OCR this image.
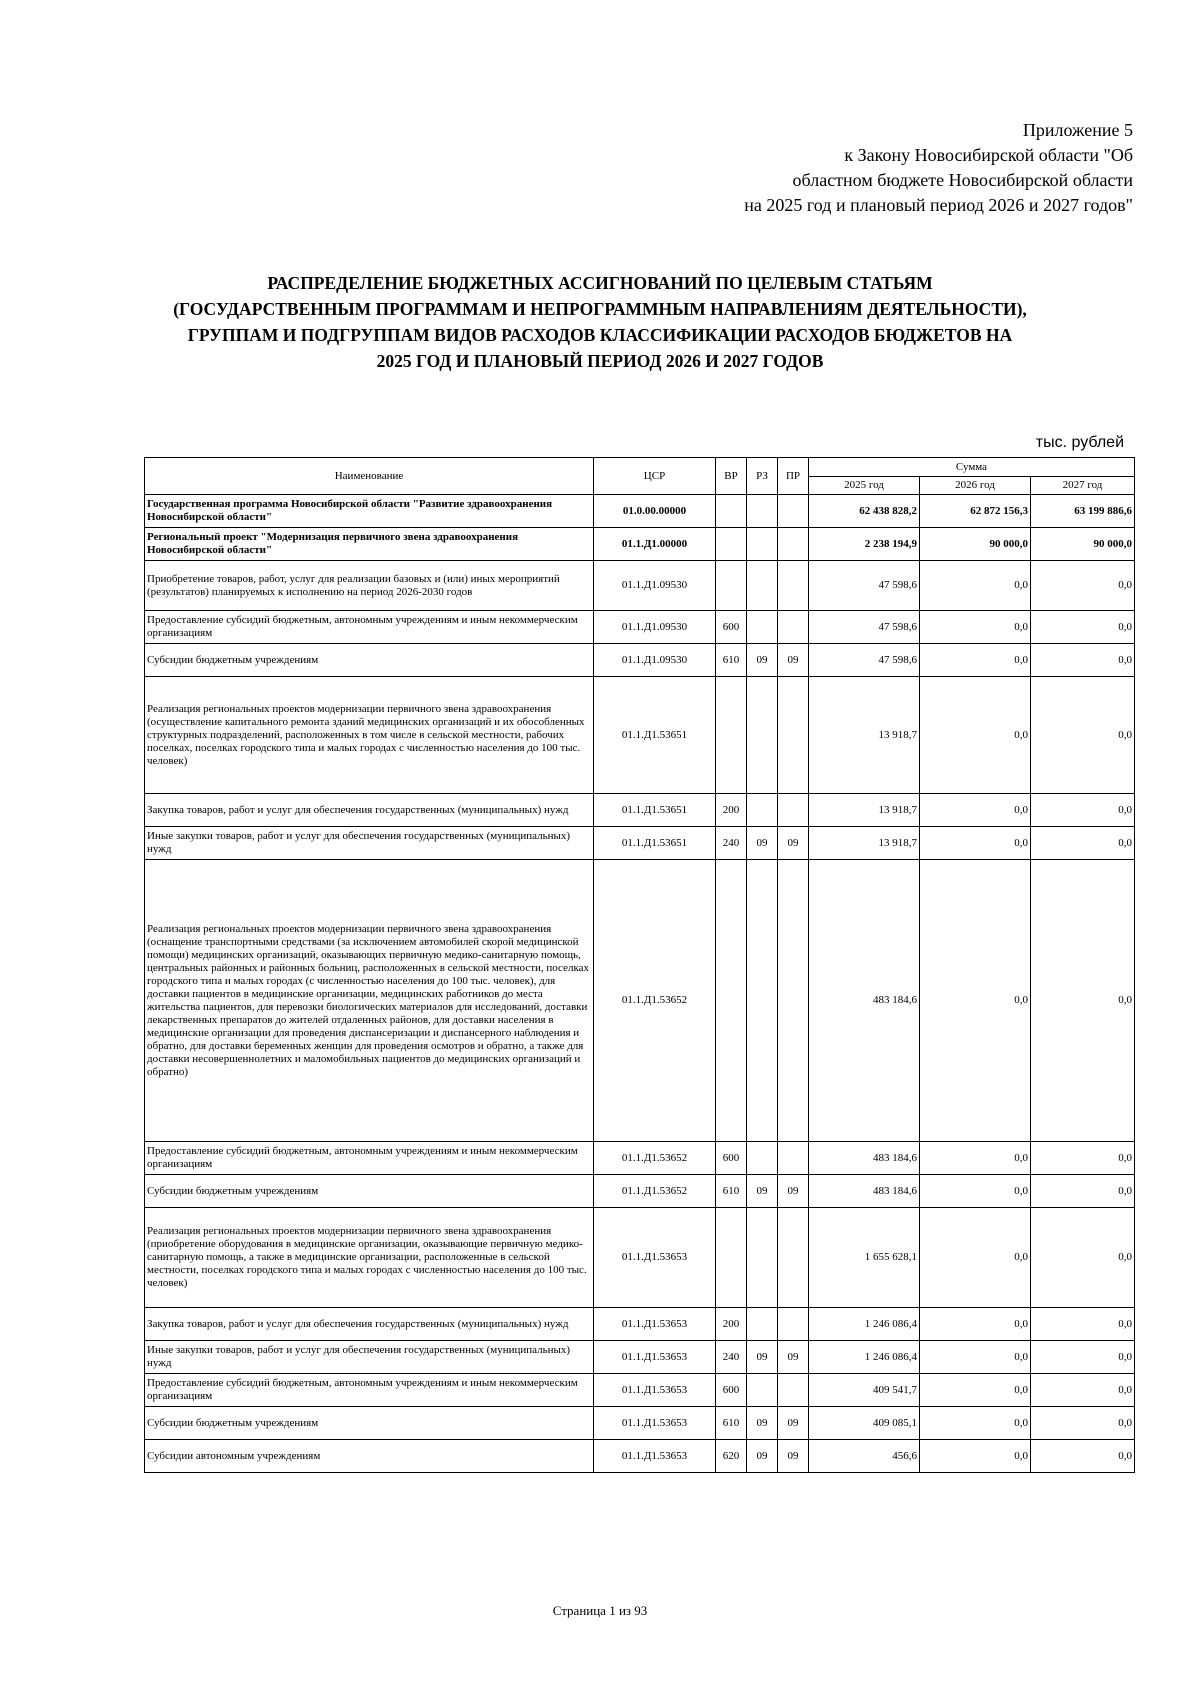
Приложение 5
к Закону Новосибирской области "Об
областном бюджете Новосибирской области
на 2025 год и плановый период 2026 и 2027 годов"
РАСПРЕДЕЛЕНИЕ БЮДЖЕТНЫХ АССИГНОВАНИЙ ПО ЦЕЛЕВЫМ СТАТЬЯМ
(ГОСУДАРСТВЕННЫМ ПРОГРАММАМ И НЕПРОГРАММНЫМ НАПРАВЛЕНИЯМ ДЕЯТЕЛЬНОСТИ),
ГРУППАМ И ПОДГРУППАМ ВИДОВ РАСХОДОВ КЛАССИФИКАЦИИ РАСХОДОВ БЮДЖЕТОВ НА
2025 ГОД И ПЛАНОВЫЙ ПЕРИОД 2026 И 2027 ГОДОВ
тыс. рублей
Наименование	ЦСР	ВР	РЗ	ПР	Сумма		
					2025 год	2026 год	2027 год
Государственная программа Новосибирской области "Развитие здравоохранения Новосибирской области"	01.0.00.00000				62 438 828,2	62 872 156,3	63 199 886,6
Региональный проект "Модернизация первичного звена здравоохранения Новосибирской области"	01.1.Д1.00000				2 238 194,9	90 000,0	90 000,0
Приобретение товаров, работ, услуг для реализации базовых и (или) иных мероприятий (результатов) планируемых к исполнению на период 2026-2030 годов	01.1.Д1.09530				47 598,6	0,0	0,0
Предоставление субсидий бюджетным, автономным учреждениям и иным некоммерческим организациям	01.1.Д1.09530	600			47 598,6	0,0	0,0
Субсидии бюджетным учреждениям	01.1.Д1.09530	610	09	09	47 598,6	0,0	0,0
Реализация региональных проектов модернизации первичного звена здравоохранения (осуществление капитального ремонта зданий медицинских организаций и их обособленных структурных подразделений, расположенных в том числе в сельской местности, рабочих поселках, поселках городского типа и малых городах с численностью населения до 100 тыс. человек)	01.1.Д1.53651				13 918,7	0,0	0,0
Закупка товаров, работ и услуг для обеспечения государственных (муниципальных) нужд	01.1.Д1.53651	200			13 918,7	0,0	0,0
Иные закупки товаров, работ и услуг для обеспечения государственных (муниципальных) нужд	01.1.Д1.53651	240	09	09	13 918,7	0,0	0,0
Реализация региональных проектов модернизации первичного звена здравоохранения (оснащение транспортными средствами (за исключением автомобилей скорой медицинской помощи) медицинских организаций, оказывающих первичную медико-санитарную помощь, центральных районных и районных больниц, расположенных в сельской местности, поселках городского типа и малых городах (с численностью населения до 100 тыс. человек), для доставки пациентов в медицинские организации, медицинских работников до места жительства пациентов, для перевозки биологических материалов для исследований, доставки лекарственных препаратов до жителей отдаленных районов, для доставки населения в медицинские организации для проведения диспансеризации и диспансерного наблюдения и обратно, для доставки беременных женщин для проведения осмотров и обратно, а также для доставки несовершеннолетних и маломобильных пациентов до медицинских организаций и обратно)	01.1.Д1.53652				483 184,6	0,0	0,0
Предоставление субсидий бюджетным, автономным учреждениям и иным некоммерческим организациям	01.1.Д1.53652	600			483 184,6	0,0	0,0
Субсидии бюджетным учреждениям	01.1.Д1.53652	610	09	09	483 184,6	0,0	0,0
Реализация региональных проектов модернизации первичного звена здравоохранения (приобретение оборудования в медицинские организации, оказывающие первичную медико-санитарную помощь, а также в медицинские организации, расположенные в сельской местности, поселках городского типа и малых городах с численностью населения до 100 тыс. человек)	01.1.Д1.53653				1 655 628,1	0,0	0,0
Закупка товаров, работ и услуг для обеспечения государственных (муниципальных) нужд	01.1.Д1.53653	200			1 246 086,4	0,0	0,0
Иные закупки товаров, работ и услуг для обеспечения государственных (муниципальных) нужд	01.1.Д1.53653	240	09	09	1 246 086,4	0,0	0,0
Предоставление субсидий бюджетным, автономным учреждениям и иным некоммерческим организациям	01.1.Д1.53653	600			409 541,7	0,0	0,0
Субсидии бюджетным учреждениям	01.1.Д1.53653	610	09	09	409 085,1	0,0	0,0
Субсидии автономным учреждениям	01.1.Д1.53653	620	09	09	456,6	0,0	0,0
Страница 1 из 93
